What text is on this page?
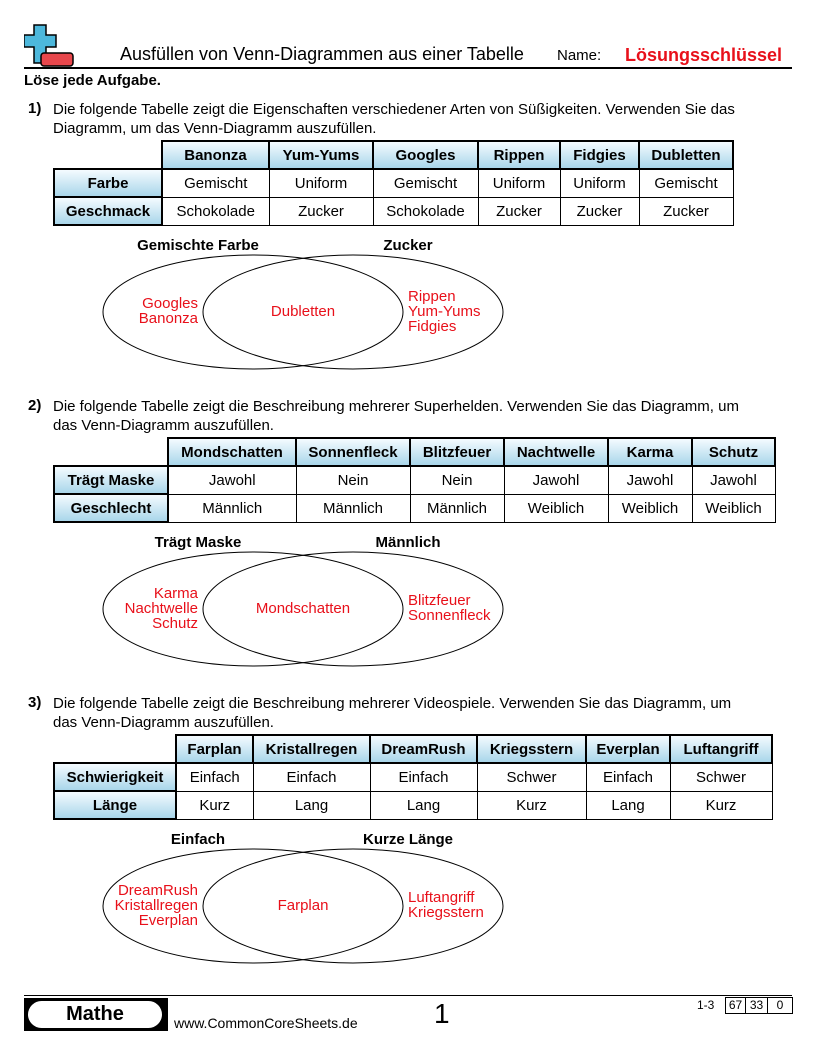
Ausfüllen von Venn-Diagrammen aus einer Tabelle Name: Lösungsschlüssel
Löse jede Aufgabe.
1) Die folgende Tabelle zeigt die Eigenschaften verschiedener Arten von Süßigkeiten. Verwenden Sie das Diagramm, um das Venn-Diagramm auszufüllen.
	Banonza	Yum-Yums	Googles	Rippen	Fidgies	Dubletten
Farbe	Gemischt	Uniform	Gemischt	Uniform	Uniform	Gemischt
Geschmack	Schokolade	Zucker	Schokolade	Zucker	Zucker	Zucker
Gemischte Farbe	Zucker
Googles
Banonza	Dubletten
Rippen
Yum-Yums
Fidgies
2) Die folgende Tabelle zeigt die Beschreibung mehrerer Superhelden. Verwenden Sie das Diagramm, um das Venn-Diagramm auszufüllen.
	Mondschatten	Sonnenfleck	Blitzfeuer	Nachtwelle	Karma	Schutz
Trägt Maske	Jawohl	Nein	Nein	Jawohl	Jawohl	Jawohl
Geschlecht	Männlich	Männlich	Männlich	Weiblich	Weiblich	Weiblich
Trägt Maske	Männlich
Karma
Nachtwelle
Schutz
Mondschatten	Blitzfeuer
Sonnenfleck
3) Die folgende Tabelle zeigt die Beschreibung mehrerer Videospiele. Verwenden Sie das Diagramm, um das Venn-Diagramm auszufüllen.
	Farplan	Kristallregen	DreamRush	Kriegsstern	Everplan	Luftangriff
Schwierigkeit	Einfach	Einfach	Einfach	Schwer	Einfach	Schwer
Länge	Kurz	Lang	Lang	Kurz	Lang	Kurz
Einfach	Kurze Länge
DreamRush
Kristallregen
Everplan
Farplan	Luftangriff
Kriegsstern
Mathe	www.CommonCoreSheets.de	1	1-3	67 33	0
